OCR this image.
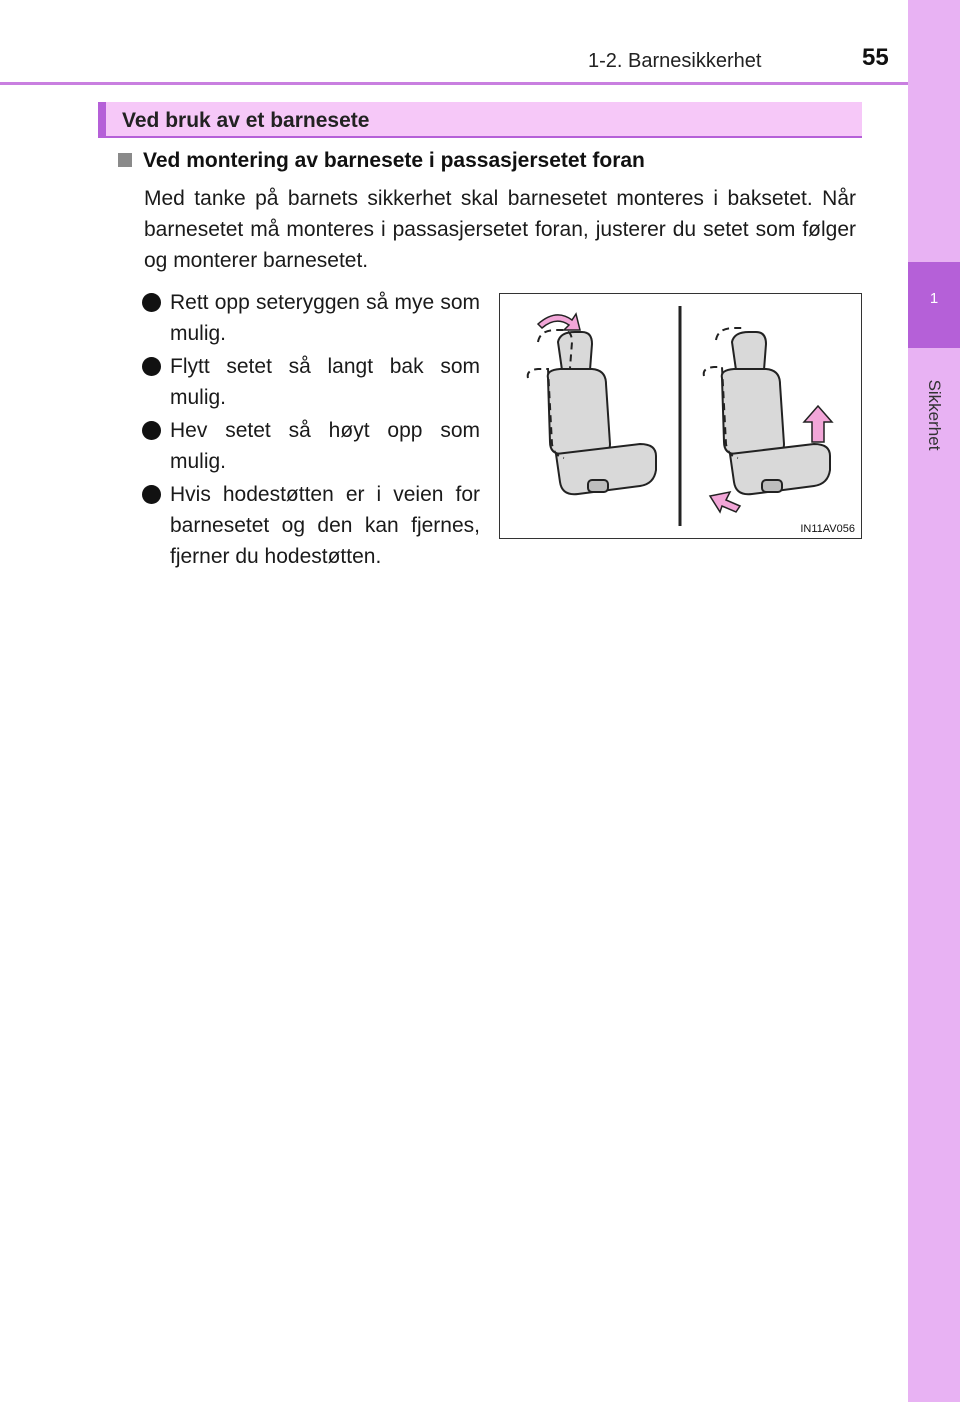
1
Sikkerhet
1-2. Barnesikkerhet	55
Ved bruk av et barnesete
Ved montering av barnesete i passasjersetet foran
Med tanke på barnets sikkerhet skal barnesetet monteres i baksetet. Når barnesetet må monteres i passasjersetet foran, justerer du setet som følger og monterer barnesetet.
Rett opp seteryggen så mye som mulig.
Flytt setet så langt bak som mulig.
Hev setet så høyt opp som mulig.
Hvis hodestøtten er i veien for barnesetet og den kan fjernes, fjerner du hodestøtten.
IN11AV056
